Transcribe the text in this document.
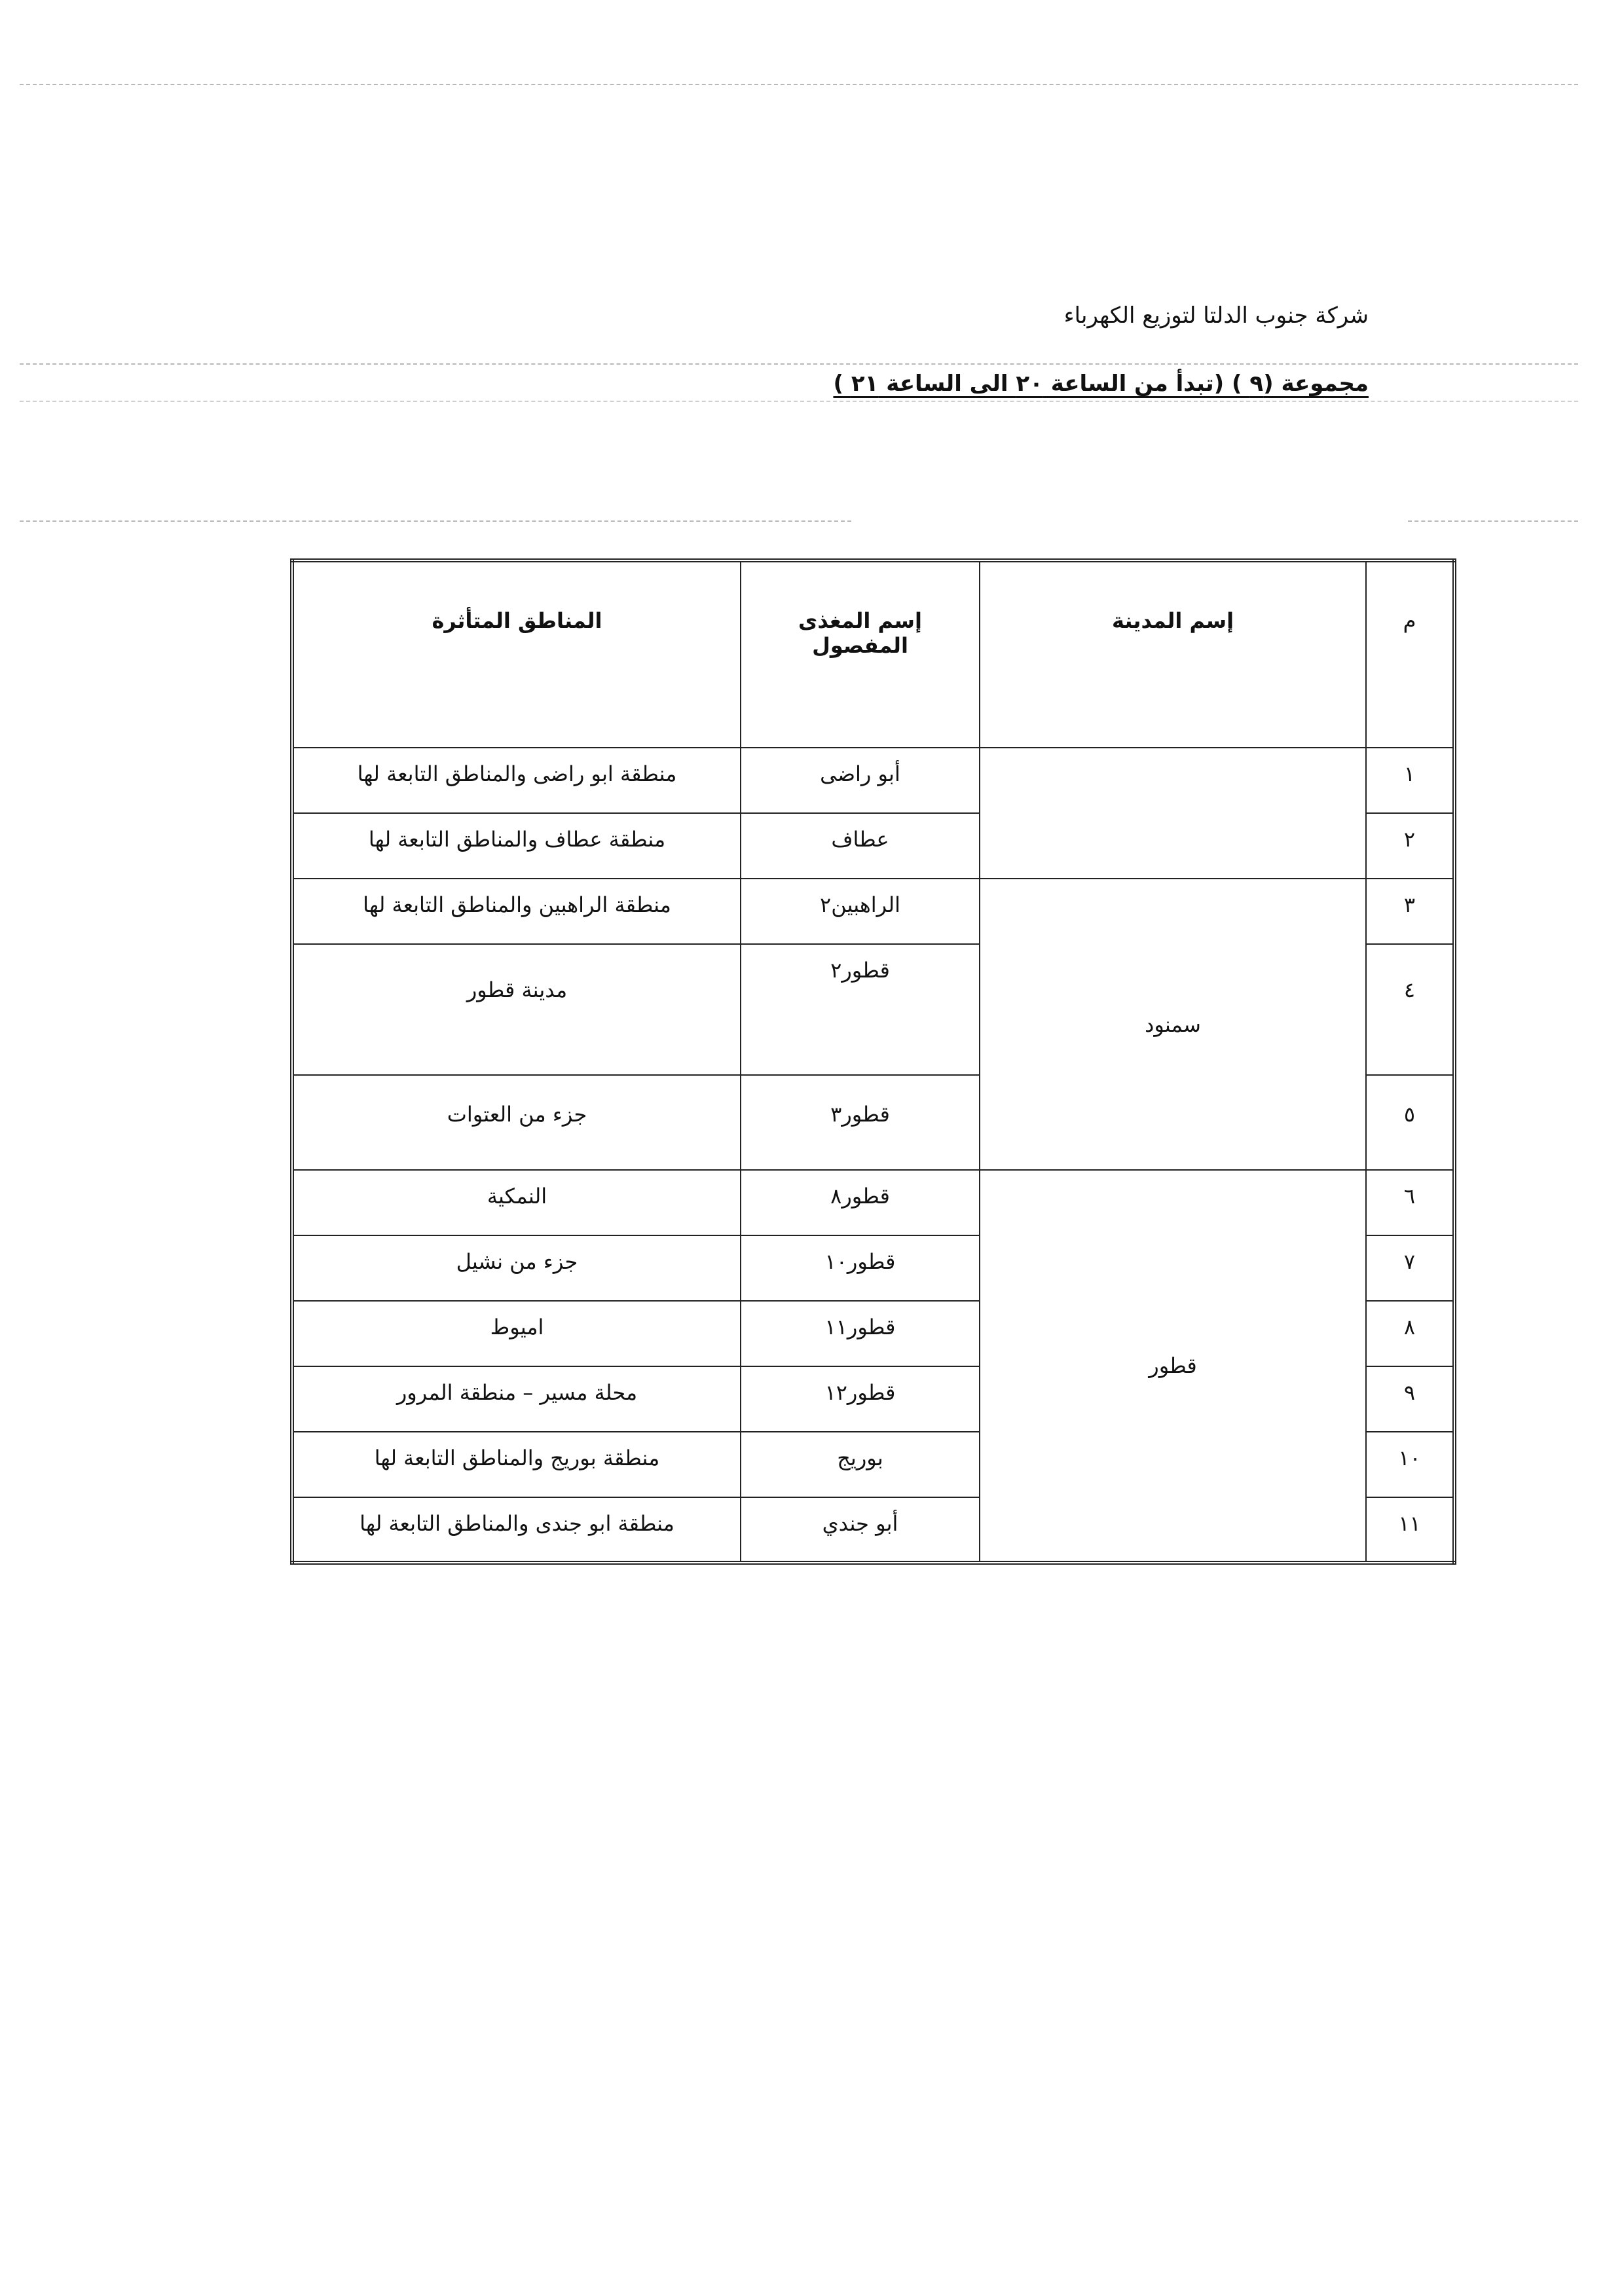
شركة جنوب الدلتا لتوزيع الكهرباء
مجموعة (٩ ) (تبدأ من الساعة ٢٠ الى الساعة ٢١ )
م	إسم المدينة	إسم المغذى المفصول	المناطق المتأثرة
١		أبو راضى	منطقة ابو راضى والمناطق التابعة لها
٢		عطاف	منطقة عطاف والمناطق التابعة لها
٣	سمنود	الراهبين٢	منطقة الراهبين والمناطق التابعة لها
٤		قطور٢	مدينة قطور
٥		قطور٣	جزء من العتوات
٦	قطور	قطور٨	النمكية
٧		قطور١٠	جزء من نشيل
٨		قطور١١	اميوط
٩		قطور١٢	محلة مسير – منطقة المرور
١٠		بوريج	منطقة بوريج والمناطق التابعة لها
١١		أبو جندي	منطقة ابو جندى والمناطق التابعة لها
